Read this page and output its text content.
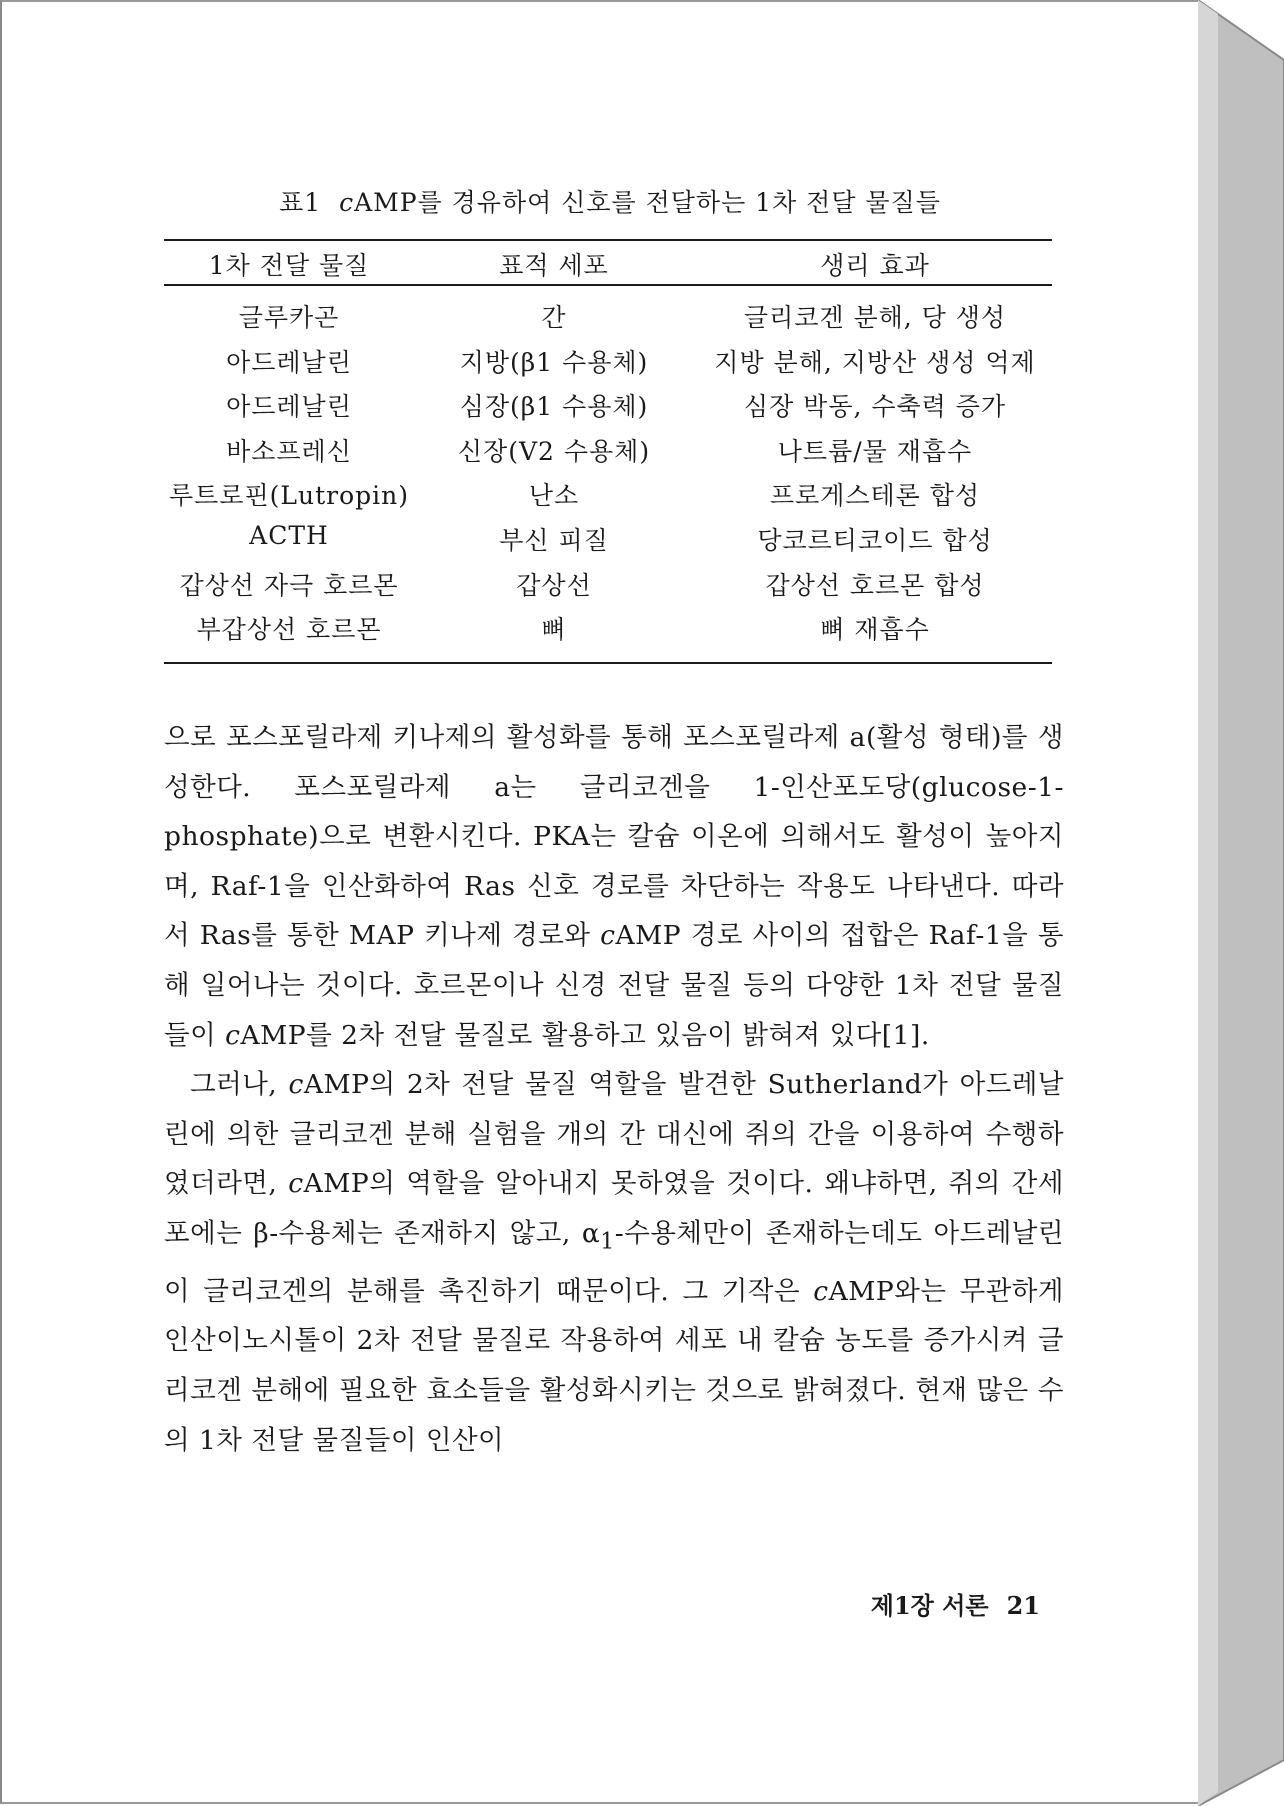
표1 cAMP를 경유하여 신호를 전달하는 1차 전달 물질들
1차 전달 물질	표적 세포	생리 효과
글루카곤	간	글리코겐 분해, 당 생성
아드레날린	지방(β1 수용체)	지방 분해, 지방산 생성 억제
아드레날린	심장(β1 수용체)	심장 박동, 수축력 증가
바소프레신	신장(V2 수용체)	나트륨/물 재흡수
루트로핀(Lutropin)	난소	프로게스테론 합성
ACTH	부신 피질	당코르티코이드 합성
갑상선 자극 호르몬	갑상선	갑상선 호르몬 합성
부갑상선 호르몬	뼈	뼈 재흡수

으로 포스포릴라제 키나제의 활성화를 통해 포스포릴라제 a(활성 형태)를 생성한다. 포스포릴라제 a는 글리코겐을 1-인산포도당(glucose-1-phosphate)으로 변환시킨다. PKA는 칼슘 이온에 의해서도 활성이 높아지며, Raf-1을 인산화하여 Ras 신호 경로를 차단하는 작용도 나타낸다. 따라서 Ras를 통한 MAP 키나제 경로와 cAMP 경로 사이의 접합은 Raf-1을 통해 일어나는 것이다. 호르몬이나 신경 전달 물질 등의 다양한 1차 전달 물질들이 cAMP를 2차 전달 물질로 활용하고 있음이 밝혀져 있다[1].

그러나, cAMP의 2차 전달 물질 역할을 발견한 Sutherland가 아드레날린에 의한 글리코겐 분해 실험을 개의 간 대신에 쥐의 간을 이용하여 수행하였더라면, cAMP의 역할을 알아내지 못하였을 것이다. 왜냐하면, 쥐의 간세포에는 β-수용체는 존재하지 않고, $\alpha_1-$수용체만이 존재하는데도 아드레날린이 글리코겐의 분해를 촉진하기 때문이다. 그 기작은 cAMP와는 무관하게 인산이노시톨이 2차 전달 물질로 작용하여 세포 내 칼슘 농도를 증가시켜 글리코겐 분해에 필요한 효소들을 활성화시키는 것으로 밝혀졌다. 현재 많은 수의 1차 전달 물질들이 인산이

제1장 서론 21
